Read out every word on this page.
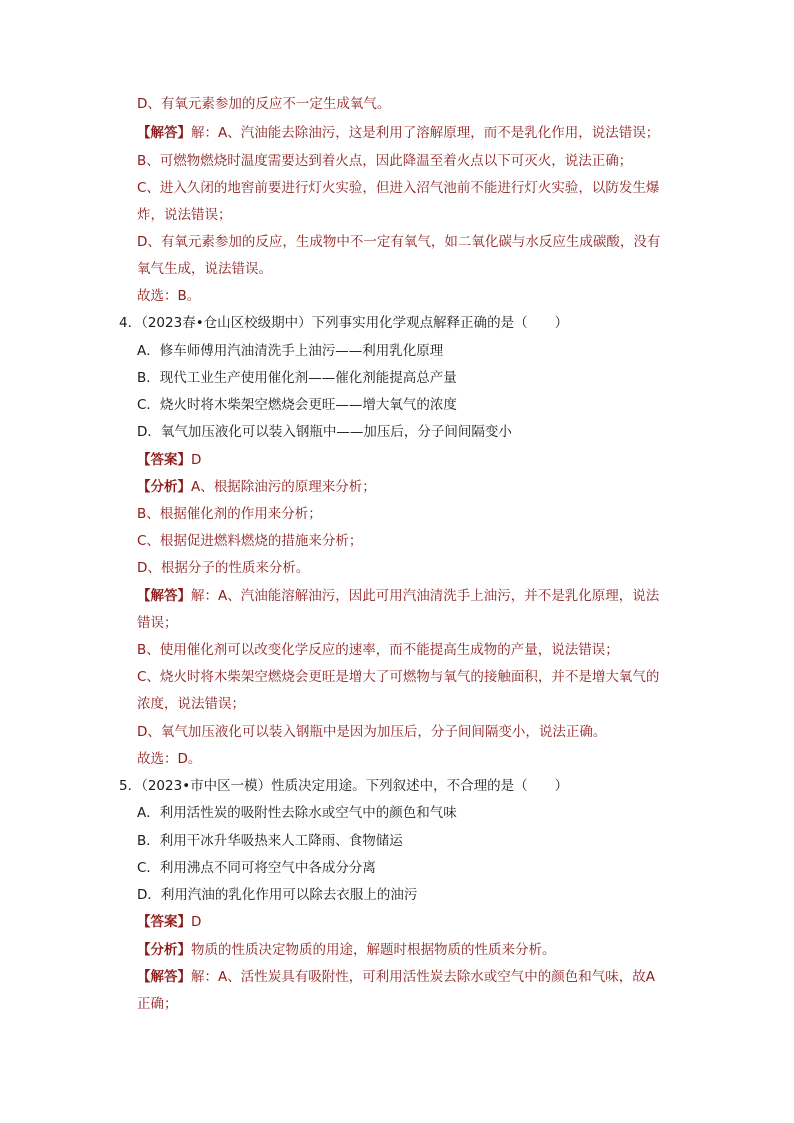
D、有氧元素参加的反应不一定生成氧气。
【解答】解：A、汽油能去除油污，这是利用了溶解原理，而不是乳化作用，说法错误；
B、可燃物燃烧时温度需要达到着火点，因此降温至着火点以下可灭火，说法正确；
C、进入久闭的地窖前要进行灯火实验，但进入沼气池前不能进行灯火实验，以防发生爆
炸，说法错误；
D、有氧元素参加的反应，生成物中不一定有氧气，如二氧化碳与水反应生成碳酸，没有
氧气生成，说法错误。
故选：B。
4．（2023春•仓山区校级期中）下列事实用化学观点解释正确的是（　　）
A．修车师傅用汽油清洗手上油污——利用乳化原理
B．现代工业生产使用催化剂——催化剂能提高总产量
C．烧火时将木柴架空燃烧会更旺——增大氧气的浓度
D．氧气加压液化可以装入钢瓶中——加压后，分子间间隔变小
【答案】D
【分析】A、根据除油污的原理来分析；
B、根据催化剂的作用来分析；
C、根据促进燃料燃烧的措施来分析；
D、根据分子的性质来分析。
【解答】解：A、汽油能溶解油污，因此可用汽油清洗手上油污，并不是乳化原理，说法
错误；
B、使用催化剂可以改变化学反应的速率，而不能提高生成物的产量，说法错误；
C、烧火时将木柴架空燃烧会更旺是增大了可燃物与氧气的接触面积，并不是增大氧气的
浓度，说法错误；
D、氧气加压液化可以装入钢瓶中是因为加压后，分子间间隔变小，说法正确。
故选：D。
5．（2023•市中区一模）性质决定用途。下列叙述中，不合理的是（　　）
A．利用活性炭的吸附性去除水或空气中的颜色和气味
B．利用干冰升华吸热来人工降雨、食物储运
C．利用沸点不同可将空气中各成分分离
D．利用汽油的乳化作用可以除去衣服上的油污
【答案】D
【分析】物质的性质决定物质的用途，解题时根据物质的性质来分析。
【解答】解：A、活性炭具有吸附性，可利用活性炭去除水或空气中的颜色和气味，故A
正确；
